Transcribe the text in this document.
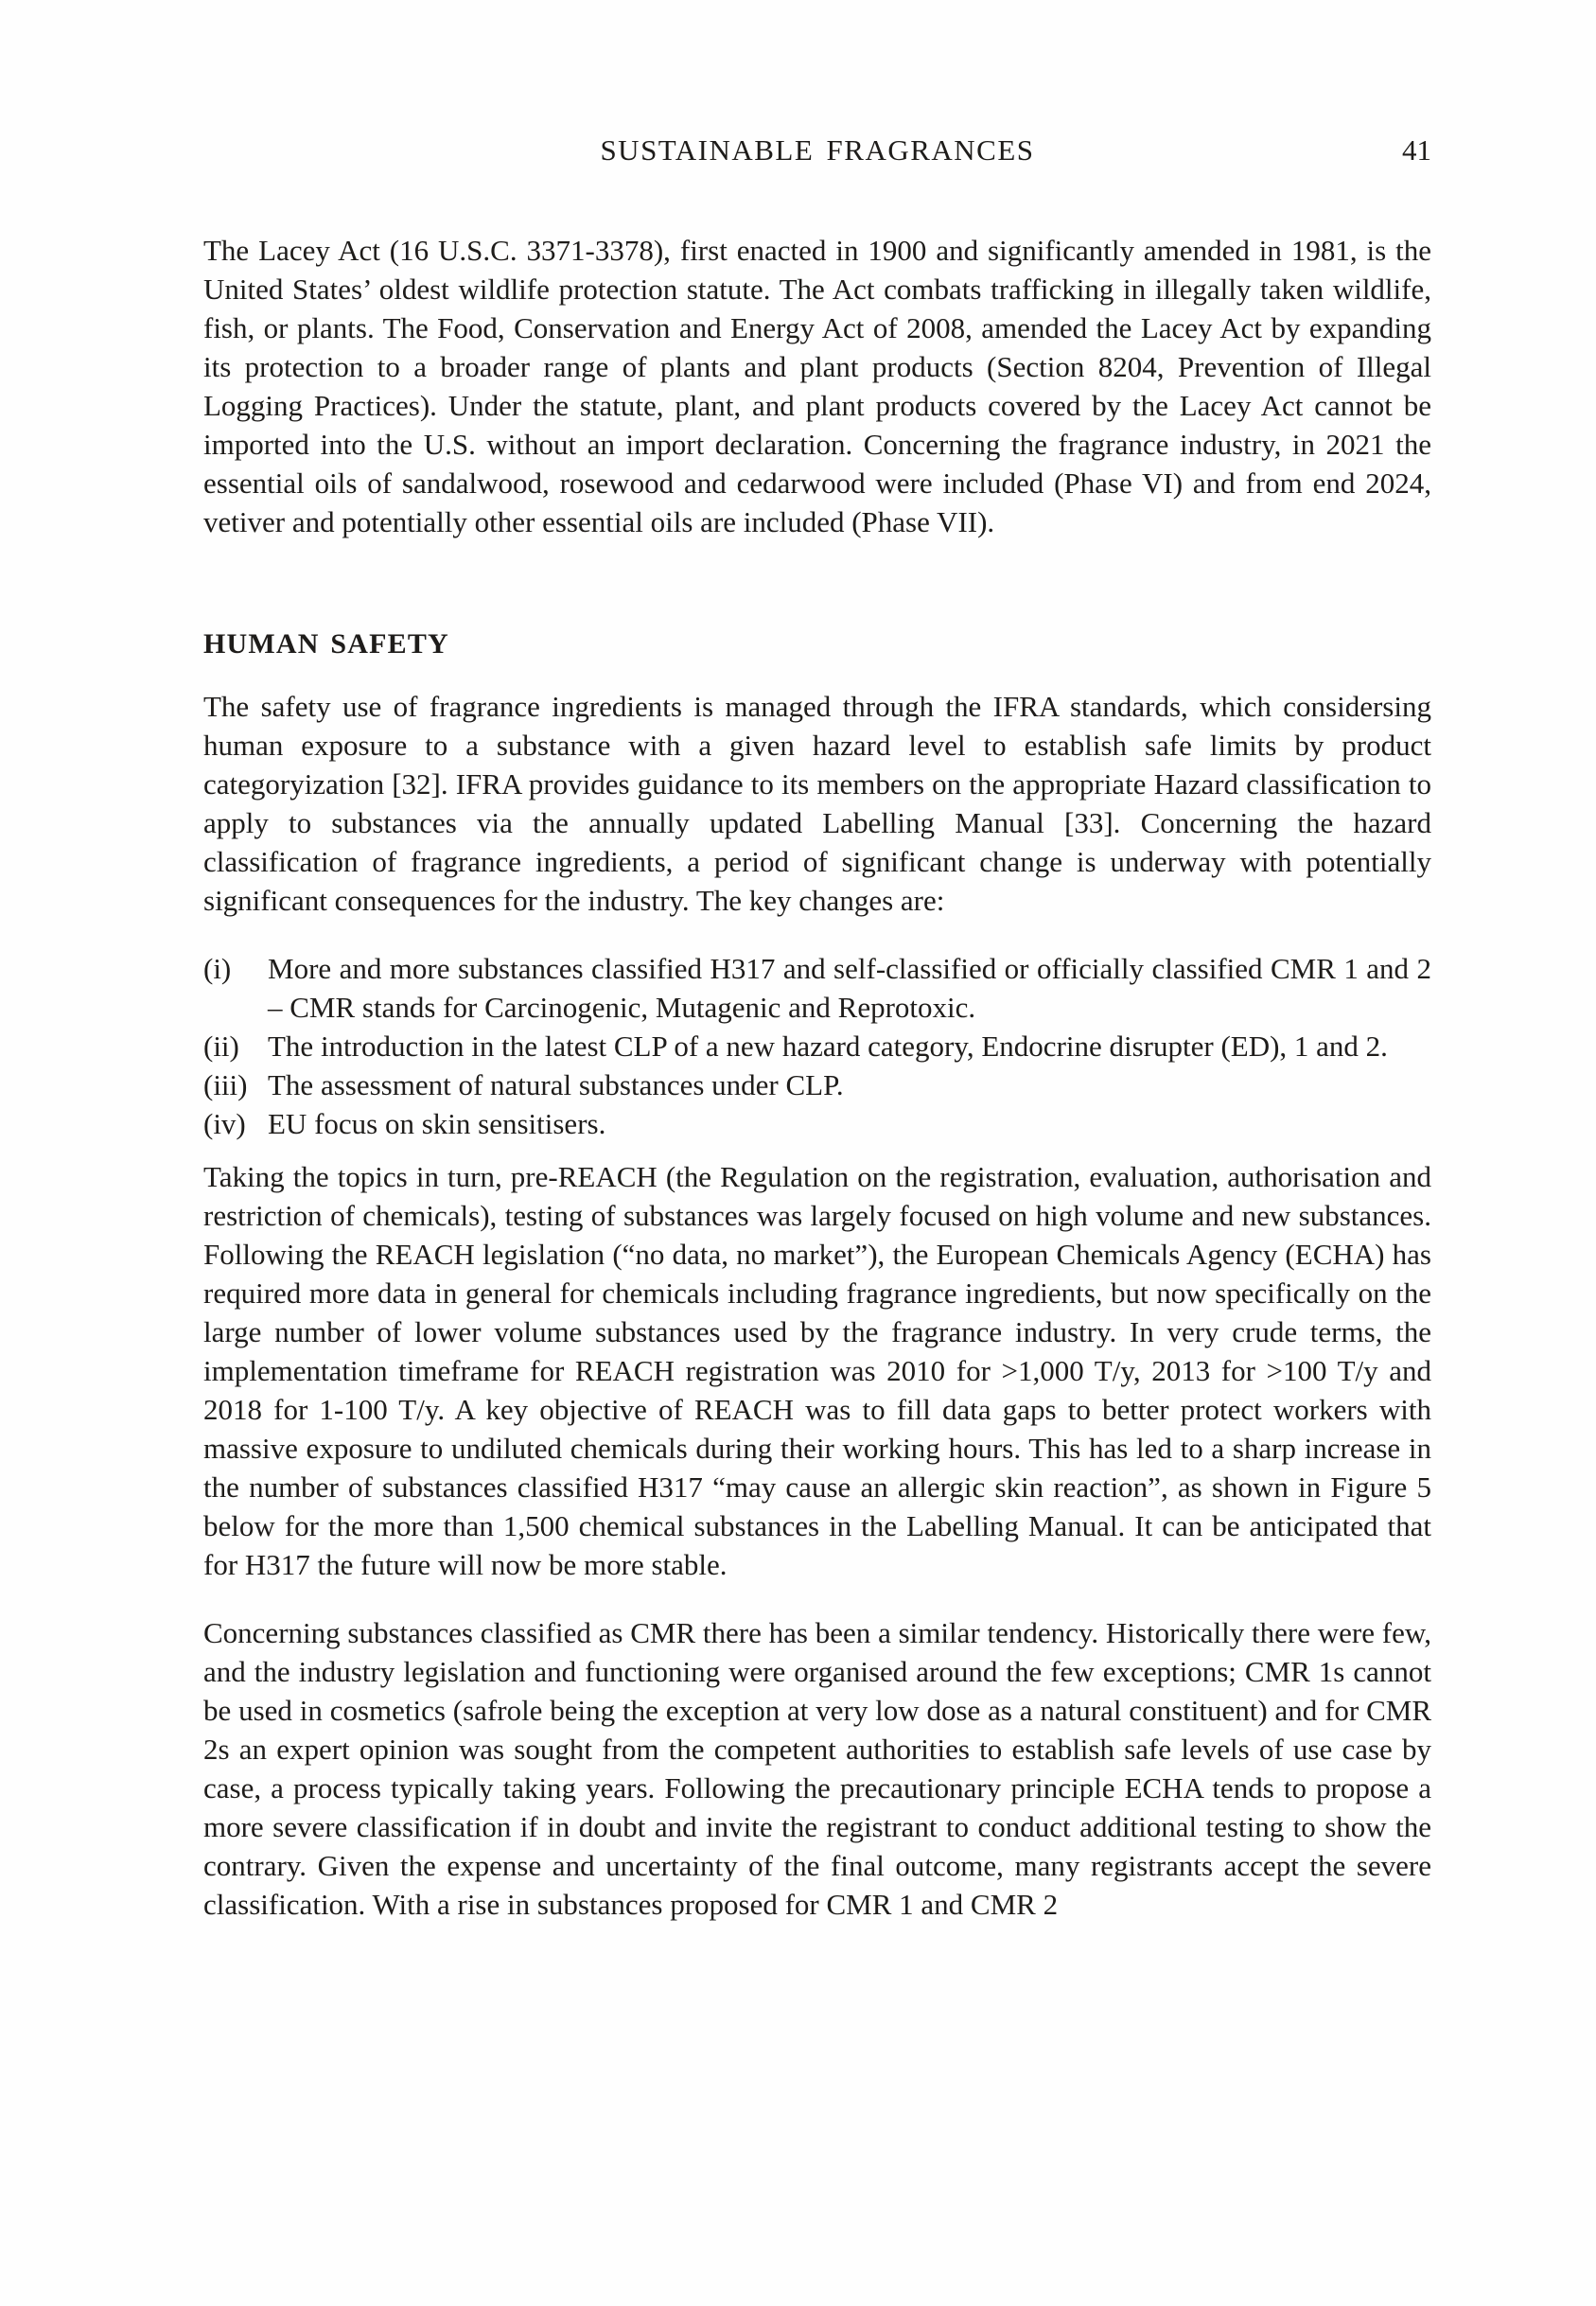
SUSTAINABLE FRAGRANCES	41

The Lacey Act (16 U.S.C. 3371-3378), first enacted in 1900 and significantly amended in 1981, is the United States’ oldest wildlife protection statute. The Act combats trafficking in illegally taken wildlife, fish, or plants. The Food, Conservation and Energy Act of 2008, amended the Lacey Act by expanding its protection to a broader range of plants and plant products (Section 8204, Prevention of Illegal Logging Practices). Under the statute, plant, and plant products covered by the Lacey Act cannot be imported into the U.S. without an import declaration. Concerning the fragrance industry, in 2021 the essential oils of sandalwood, rosewood and cedarwood were included (Phase VI) and from end 2024, vetiver and potentially other essential oils are included (Phase VII).

HUMAN SAFETY

The safety use of fragrance ingredients is managed through the IFRA standards, which considersing human exposure to a substance with a given hazard level to establish safe limits by product categoryization [32]. IFRA provides guidance to its members on the appropriate Hazard classification to apply to substances via the annually updated Labelling Manual [33]. Concerning the hazard classification of fragrance ingredients, a period of significant change is underway with potentially significant consequences for the industry. The key changes are:

(i)	More and more substances classified H317 and self-classified or officially classified CMR 1 and 2 – CMR stands for Carcinogenic, Mutagenic and Reprotoxic.
(ii) The introduction in the latest CLP of a new hazard category, Endocrine disrupter (ED), 1 and 2.
(iii) The assessment of natural substances under CLP.
(iv) EU focus on skin sensitisers.

Taking the topics in turn, pre-REACH (the Regulation on the registration, evaluation, authorisation and restriction of chemicals), testing of substances was largely focused on high volume and new substances. Following the REACH legislation (“no data, no market”), the European Chemicals Agency (ECHA) has required more data in general for chemicals including fragrance ingredients, but now specifically on the large number of lower volume substances used by the fragrance industry. In very crude terms, the implementation timeframe for REACH registration was 2010 for >1,000 T/y, 2013 for >100 T/y and 2018 for 1-100 T/y. A key objective of REACH was to fill data gaps to better protect workers with massive exposure to undiluted chemicals during their working hours. This has led to a sharp increase in the number of substances classified H317 “may cause an allergic skin reaction”, as shown in Figure 5 below for the more than 1,500 chemical substances in the Labelling Manual. It can be anticipated that for H317 the future will now be more stable.

Concerning substances classified as CMR there has been a similar tendency. Historically there were few, and the industry legislation and functioning were organised around the few exceptions; CMR 1s cannot be used in cosmetics (safrole being the exception at very low dose as a natural constituent) and for CMR 2s an expert opinion was sought from the competent authorities to establish safe levels of use case by case, a process typically taking years. Following the precautionary principle ECHA tends to propose a more severe classification if in doubt and invite the registrant to conduct additional testing to show the contrary. Given the expense and uncertainty of the final outcome, many registrants accept the severe classification. With a rise in substances proposed for CMR 1 and CMR 2
